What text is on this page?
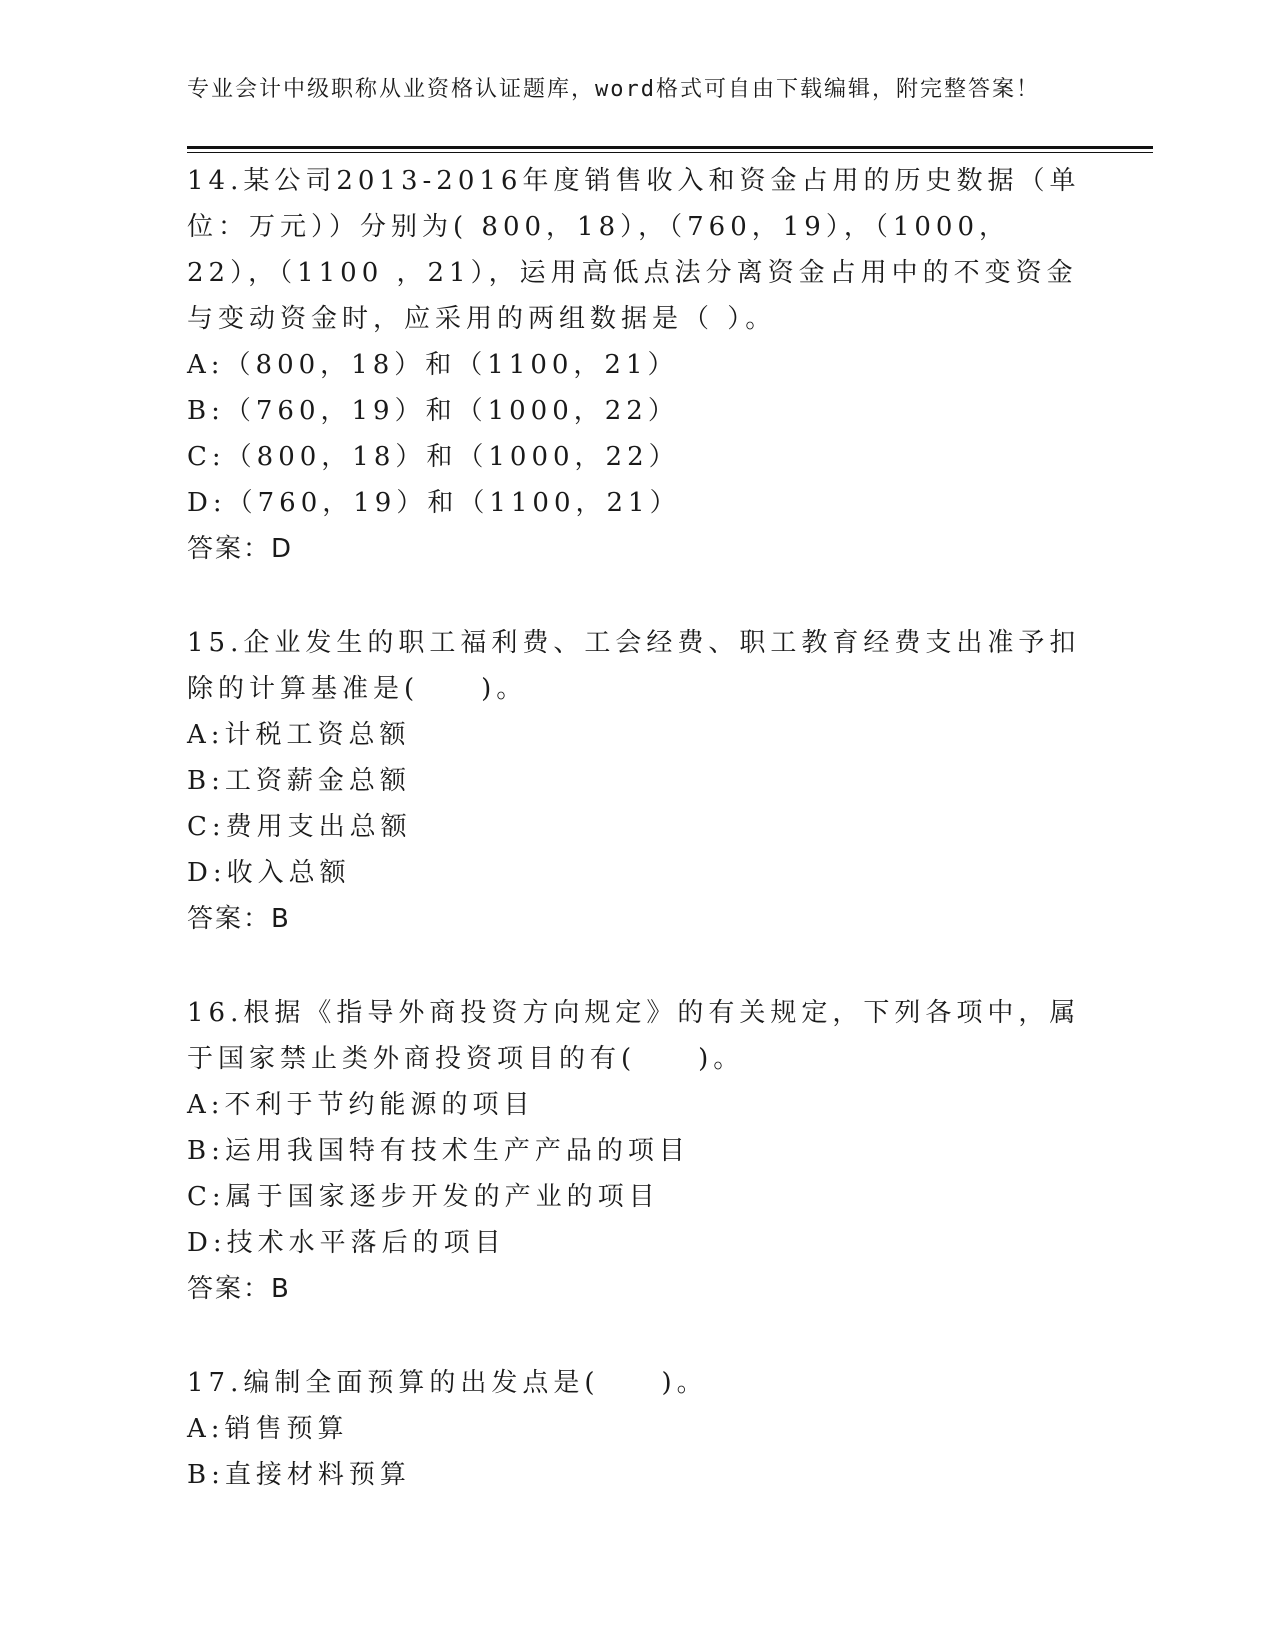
专业会计中级职称从业资格认证题库，word格式可自由下载编辑，附完整答案！

14.某公司2013-2016年度销售收入和资金占用的历史数据（单位：万元））分别为( 800，18），（760，19），（1000，22），（1100 ，21），运用高低点法分离资金占用中的不变资金与变动资金时，应采用的两组数据是（ ）。

A:（800，18）和（1100，21）

B:（760，19）和（1000，22）

C:（800，18）和（1000，22）

D:（760，19）和（1100，21）

答案：D

15.企业发生的职工福利费、工会经费、职工教育经费支出准予扣除的计算基准是(　　)。

A:计税工资总额

B:工资薪金总额

C:费用支出总额

D:收入总额

答案：B

16.根据《指导外商投资方向规定》的有关规定，下列各项中，属于国家禁止类外商投资项目的有(　　)。

A:不利于节约能源的项目

B:运用我国特有技术生产产品的项目

C:属于国家逐步开发的产业的项目

D:技术水平落后的项目

答案：B

17.编制全面预算的出发点是(　　)。

A:销售预算

B:直接材料预算
